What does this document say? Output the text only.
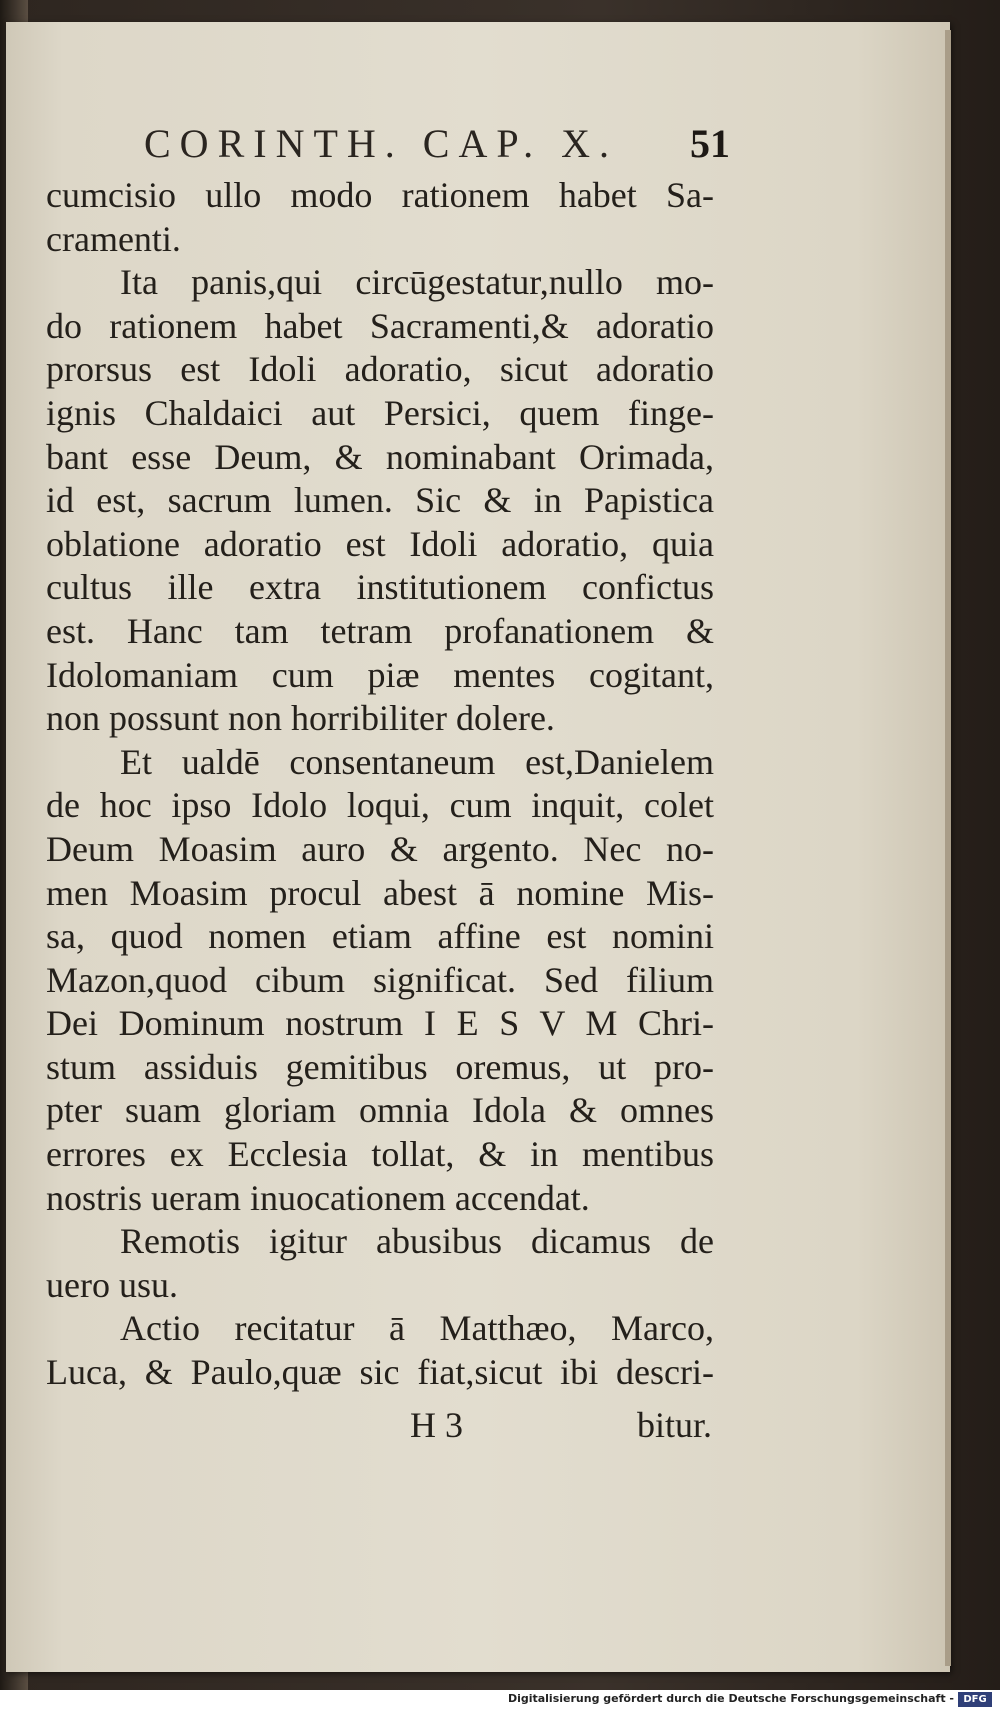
CORINTH. CAP. X. 51
cumcisio ullo modo rationem habet Sa-
cramenti.
Ita panis,qui circūgestatur,nullo mo-
do rationem habet Sacramenti,& adoratio
prorsus est Idoli adoratio, sicut adoratio
ignis Chaldaici aut Persici, quem finge-
bant esse Deum, & nominabant Orimada,
id est, sacrum lumen. Sic & in Papistica
oblatione adoratio est Idoli adoratio, quia
cultus ille extra institutionem confictus
est. Hanc tam tetram profanationem &
Idolomaniam cum piæ mentes cogitant,
non possunt non horribiliter dolere.
Et ualdē consentaneum est,Danielem
de hoc ipso Idolo loqui, cum inquit, colet
Deum Moasim auro & argento. Nec no-
men Moasim procul abest ā nomine Mis-
sa, quod nomen etiam affine est nomini
Mazon,quod cibum significat. Sed filium
Dei Dominum nostrum I E S V M Chri-
stum assiduis gemitibus oremus, ut pro-
pter suam gloriam omnia Idola & omnes
errores ex Ecclesia tollat, & in mentibus
nostris ueram inuocationem accendat.
Remotis igitur abusibus dicamus de
uero usu.
Actio recitatur ā Matthæo, Marco,
Luca, & Paulo,quæ sic fiat,sicut ibi descri-
H 3	bitur.
Digitalisierung gefördert durch die Deutsche Forschungsgemeinschaft - DFG
